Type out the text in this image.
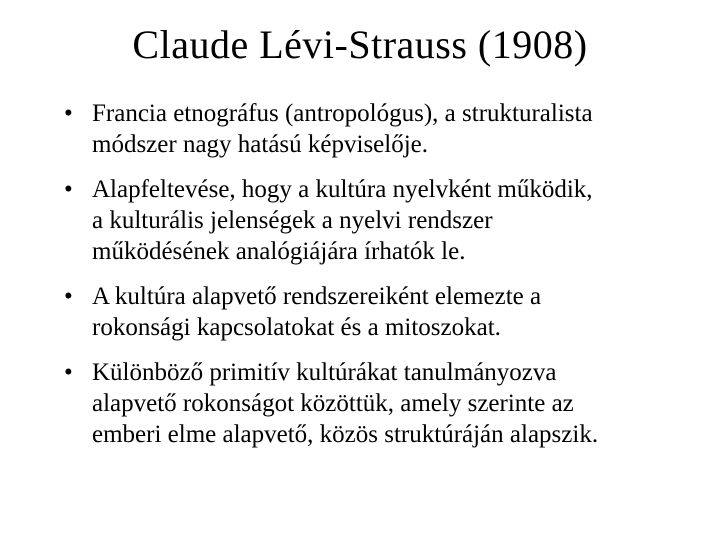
Claude Lévi-Strauss (1908)
• Francia etnográfus (antropológus), a strukturalista
módszer nagy hatású képviselője.
• Alapfeltevése, hogy a kultúra nyelvként működik,
a kulturális jelenségek a nyelvi rendszer
működésének analógiájára írhatók le.
• A kultúra alapvető rendszereiként elemezte a
rokonsági kapcsolatokat és a mitoszokat.
• Különböző primitív kultúrákat tanulmányozva
alapvető rokonságot közöttük, amely szerinte az
emberi elme alapvető, közös struktúráján alapszik.
